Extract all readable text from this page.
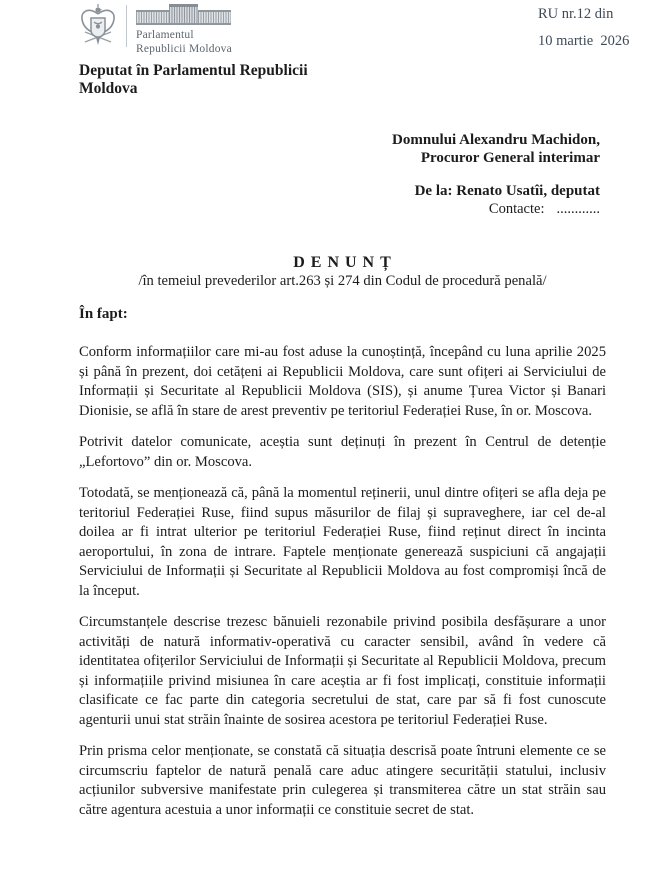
Parlamentul
Republicii Moldova
RU nr.12 din
10 martie  2026
Deputat în Parlamentul Republicii Moldova
Domnului Alexandru Machidon,
Procuror General interimar
De la: Renato Usatîi, deputat
Contacte: ............
D E N U N Ț
/în temeiul prevederilor art.263 și 274 din Codul de procedură penală/
În fapt:

Conform informațiilor care mi-au fost aduse la cunoștință, începând cu luna aprilie 2025 și până în prezent, doi cetățeni ai Republicii Moldova, care sunt ofițeri ai Serviciului de Informații și Securitate al Republicii Moldova (SIS), și anume Țurea Victor și Banari Dionisie, se află în stare de arest preventiv pe teritoriul Federației Ruse, în or. Moscova.

Potrivit datelor comunicate, aceștia sunt deținuți în prezent în Centrul de detenție „Lefortovo” din or. Moscova.

Totodată, se menționează că, până la momentul reținerii, unul dintre ofițeri se afla deja pe teritoriul Federației Ruse, fiind supus măsurilor de filaj și supraveghere, iar cel de-al doilea ar fi intrat ulterior pe teritoriul Federației Ruse, fiind reținut direct în incinta aeroportului, în zona de intrare. Faptele menționate generează suspiciuni că angajații Serviciului de Informații și Securitate al Republicii Moldova au fost compromiși încă de la început.

Circumstanțele descrise trezesc bănuieli rezonabile privind posibila desfășurare a unor activități de natură informativ-operativă cu caracter sensibil, având în vedere că identitatea ofițerilor Serviciului de Informații și Securitate al Republicii Moldova, precum și informațiile privind misiunea în care aceștia ar fi fost implicați, constituie informații clasificate ce fac parte din categoria secretului de stat, care par să fi fost cunoscute agenturii unui stat străin înainte de sosirea acestora pe teritoriul Federației Ruse.

Prin prisma celor menționate, se constată că situația descrisă poate întruni elemente ce se circumscriu faptelor de natură penală care aduc atingere securității statului, inclusiv acțiunilor subversive manifestate prin culegerea și transmiterea către un stat străin sau către agentura acestuia a unor informații ce constituie secret de stat.
